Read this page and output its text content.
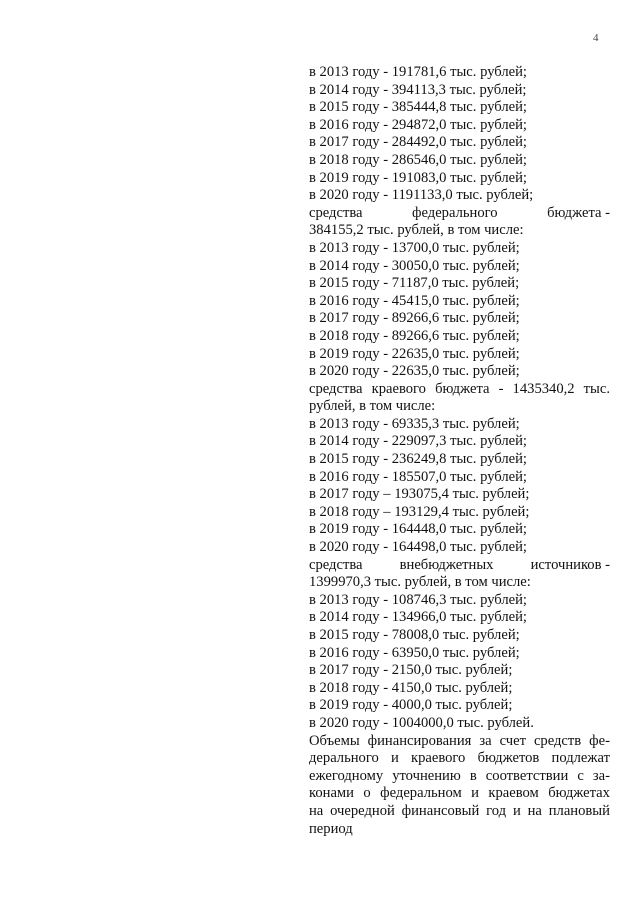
4
в 2013 году - 191781,6 тыс. рублей;
в 2014 году - 394113,3 тыс. рублей;
в 2015 году - 385444,8 тыс. рублей;
в 2016 году - 294872,0 тыс. рублей;
в 2017 году - 284492,0 тыс. рублей;
в 2018 году - 286546,0 тыс. рублей;
в 2019 году - 191083,0 тыс. рублей;
в 2020 году - 1191133,0 тыс. рублей;
средства	федерального	бюджета -
384155,2 тыс. рублей, в том числе:
в 2013 году - 13700,0 тыс. рублей;
в 2014 году - 30050,0 тыс. рублей;
в 2015 году - 71187,0 тыс. рублей;
в 2016 году - 45415,0 тыс. рублей;
в 2017 году - 89266,6 тыс. рублей;
в 2018 году - 89266,6 тыс. рублей;
в 2019 году - 22635,0 тыс. рублей;
в 2020 году - 22635,0 тыс. рублей;
средства краевого бюджета - 1435340,2 тыс.
рублей, в том числе:
в 2013 году - 69335,3 тыс. рублей;
в 2014 году - 229097,3 тыс. рублей;
в 2015 году - 236249,8 тыс. рублей;
в 2016 году - 185507,0 тыс. рублей;
в 2017 году – 193075,4 тыс. рублей;
в 2018 году – 193129,4 тыс. рублей;
в 2019 году - 164448,0 тыс. рублей;
в 2020 году - 164498,0 тыс. рублей;
средства	внебюджетных	источников -
1399970,3 тыс. рублей, в том числе:
в 2013 году - 108746,3 тыс. рублей;
в 2014 году - 134966,0 тыс. рублей;
в 2015 году - 78008,0 тыс. рублей;
в 2016 году - 63950,0 тыс. рублей;
в 2017 году - 2150,0 тыс. рублей;
в 2018 году - 4150,0 тыс. рублей;
в 2019 году - 4000,0 тыс. рублей;
в 2020 году - 1004000,0 тыс. рублей.
Объемы финансирования за счет средств фе-
дерального и краевого бюджетов подлежат
ежегодному уточнению в соответствии с за-
конами о федеральном и краевом бюджетах
на очередной финансовый год и на плановый
период
